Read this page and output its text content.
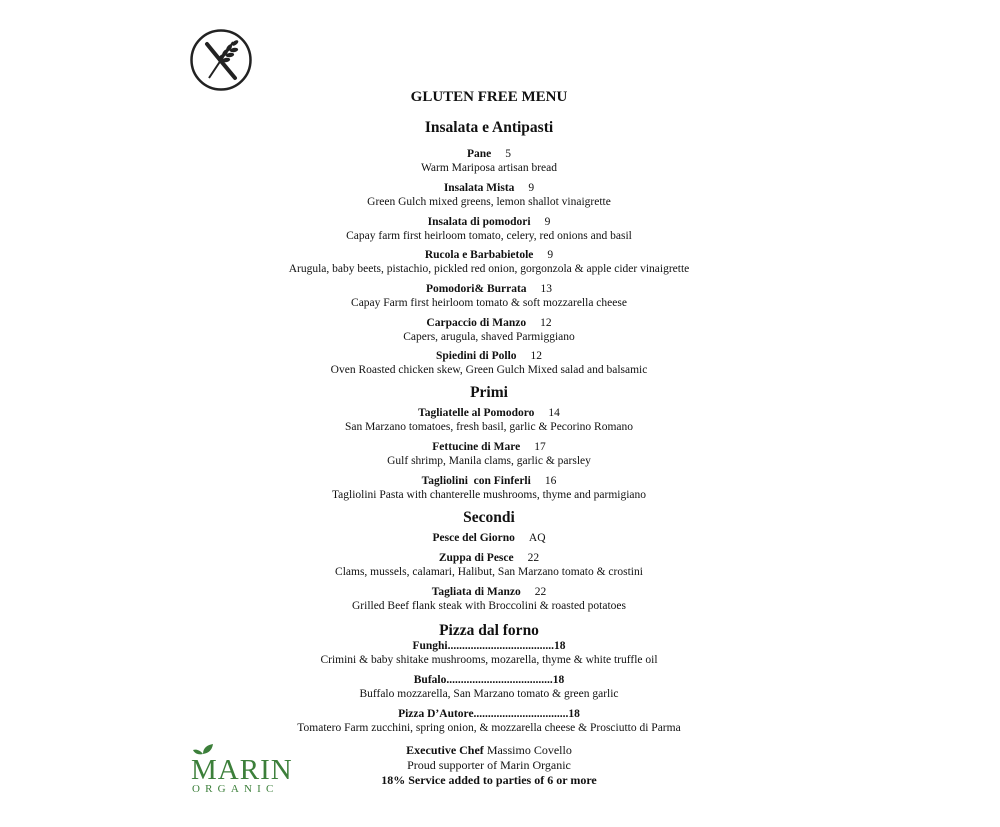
GLUTEN FREE MENU
Insalata e Antipasti
Pane 5
Warm Mariposa artisan bread
Insalata Mista 9
Green Gulch mixed greens, lemon shallot vinaigrette
Insalata di pomodori 9
Capay farm first heirloom tomato, celery, red onions and basil
Rucola e Barbabietole 9
Arugula, baby beets, pistachio, pickled red onion, gorgonzola & apple cider vinaigrette
Pomodori& Burrata 13
Capay Farm first heirloom tomato & soft mozzarella cheese
Carpaccio di Manzo 12
Capers, arugula, shaved Parmiggiano
Spiedini di Pollo 12
Oven Roasted chicken skew, Green Gulch Mixed salad and balsamic
Primi
Tagliatelle al Pomodoro 14
San Marzano tomatoes, fresh basil, garlic & Pecorino Romano
Fettucine di Mare 17
Gulf shrimp, Manila clams, garlic & parsley
Tagliolini  con Finferli 16
Tagliolini Pasta with chanterelle mushrooms, thyme and parmigiano
Secondi
Pesce del Giorno AQ
Zuppa di Pesce 22
Clams, mussels, calamari, Halibut, San Marzano tomato & crostini
Tagliata di Manzo 22
Grilled Beef flank steak with Broccolini & roasted potatoes
Pizza dal forno
Funghi.....................................18
Crimini & baby shitake mushrooms, mozarella, thyme & white truffle oil
Bufalo.....................................18
Buffalo mozzarella, San Marzano tomato & green garlic
Pizza D’Autore.................................18
Tomatero Farm zucchini, spring onion, & mozzarella cheese & Prosciutto di Parma
Executive Chef Massimo Covello
Proud supporter of Marin Organic
18% Service added to parties of 6 or more
MARIN
ORGANIC
